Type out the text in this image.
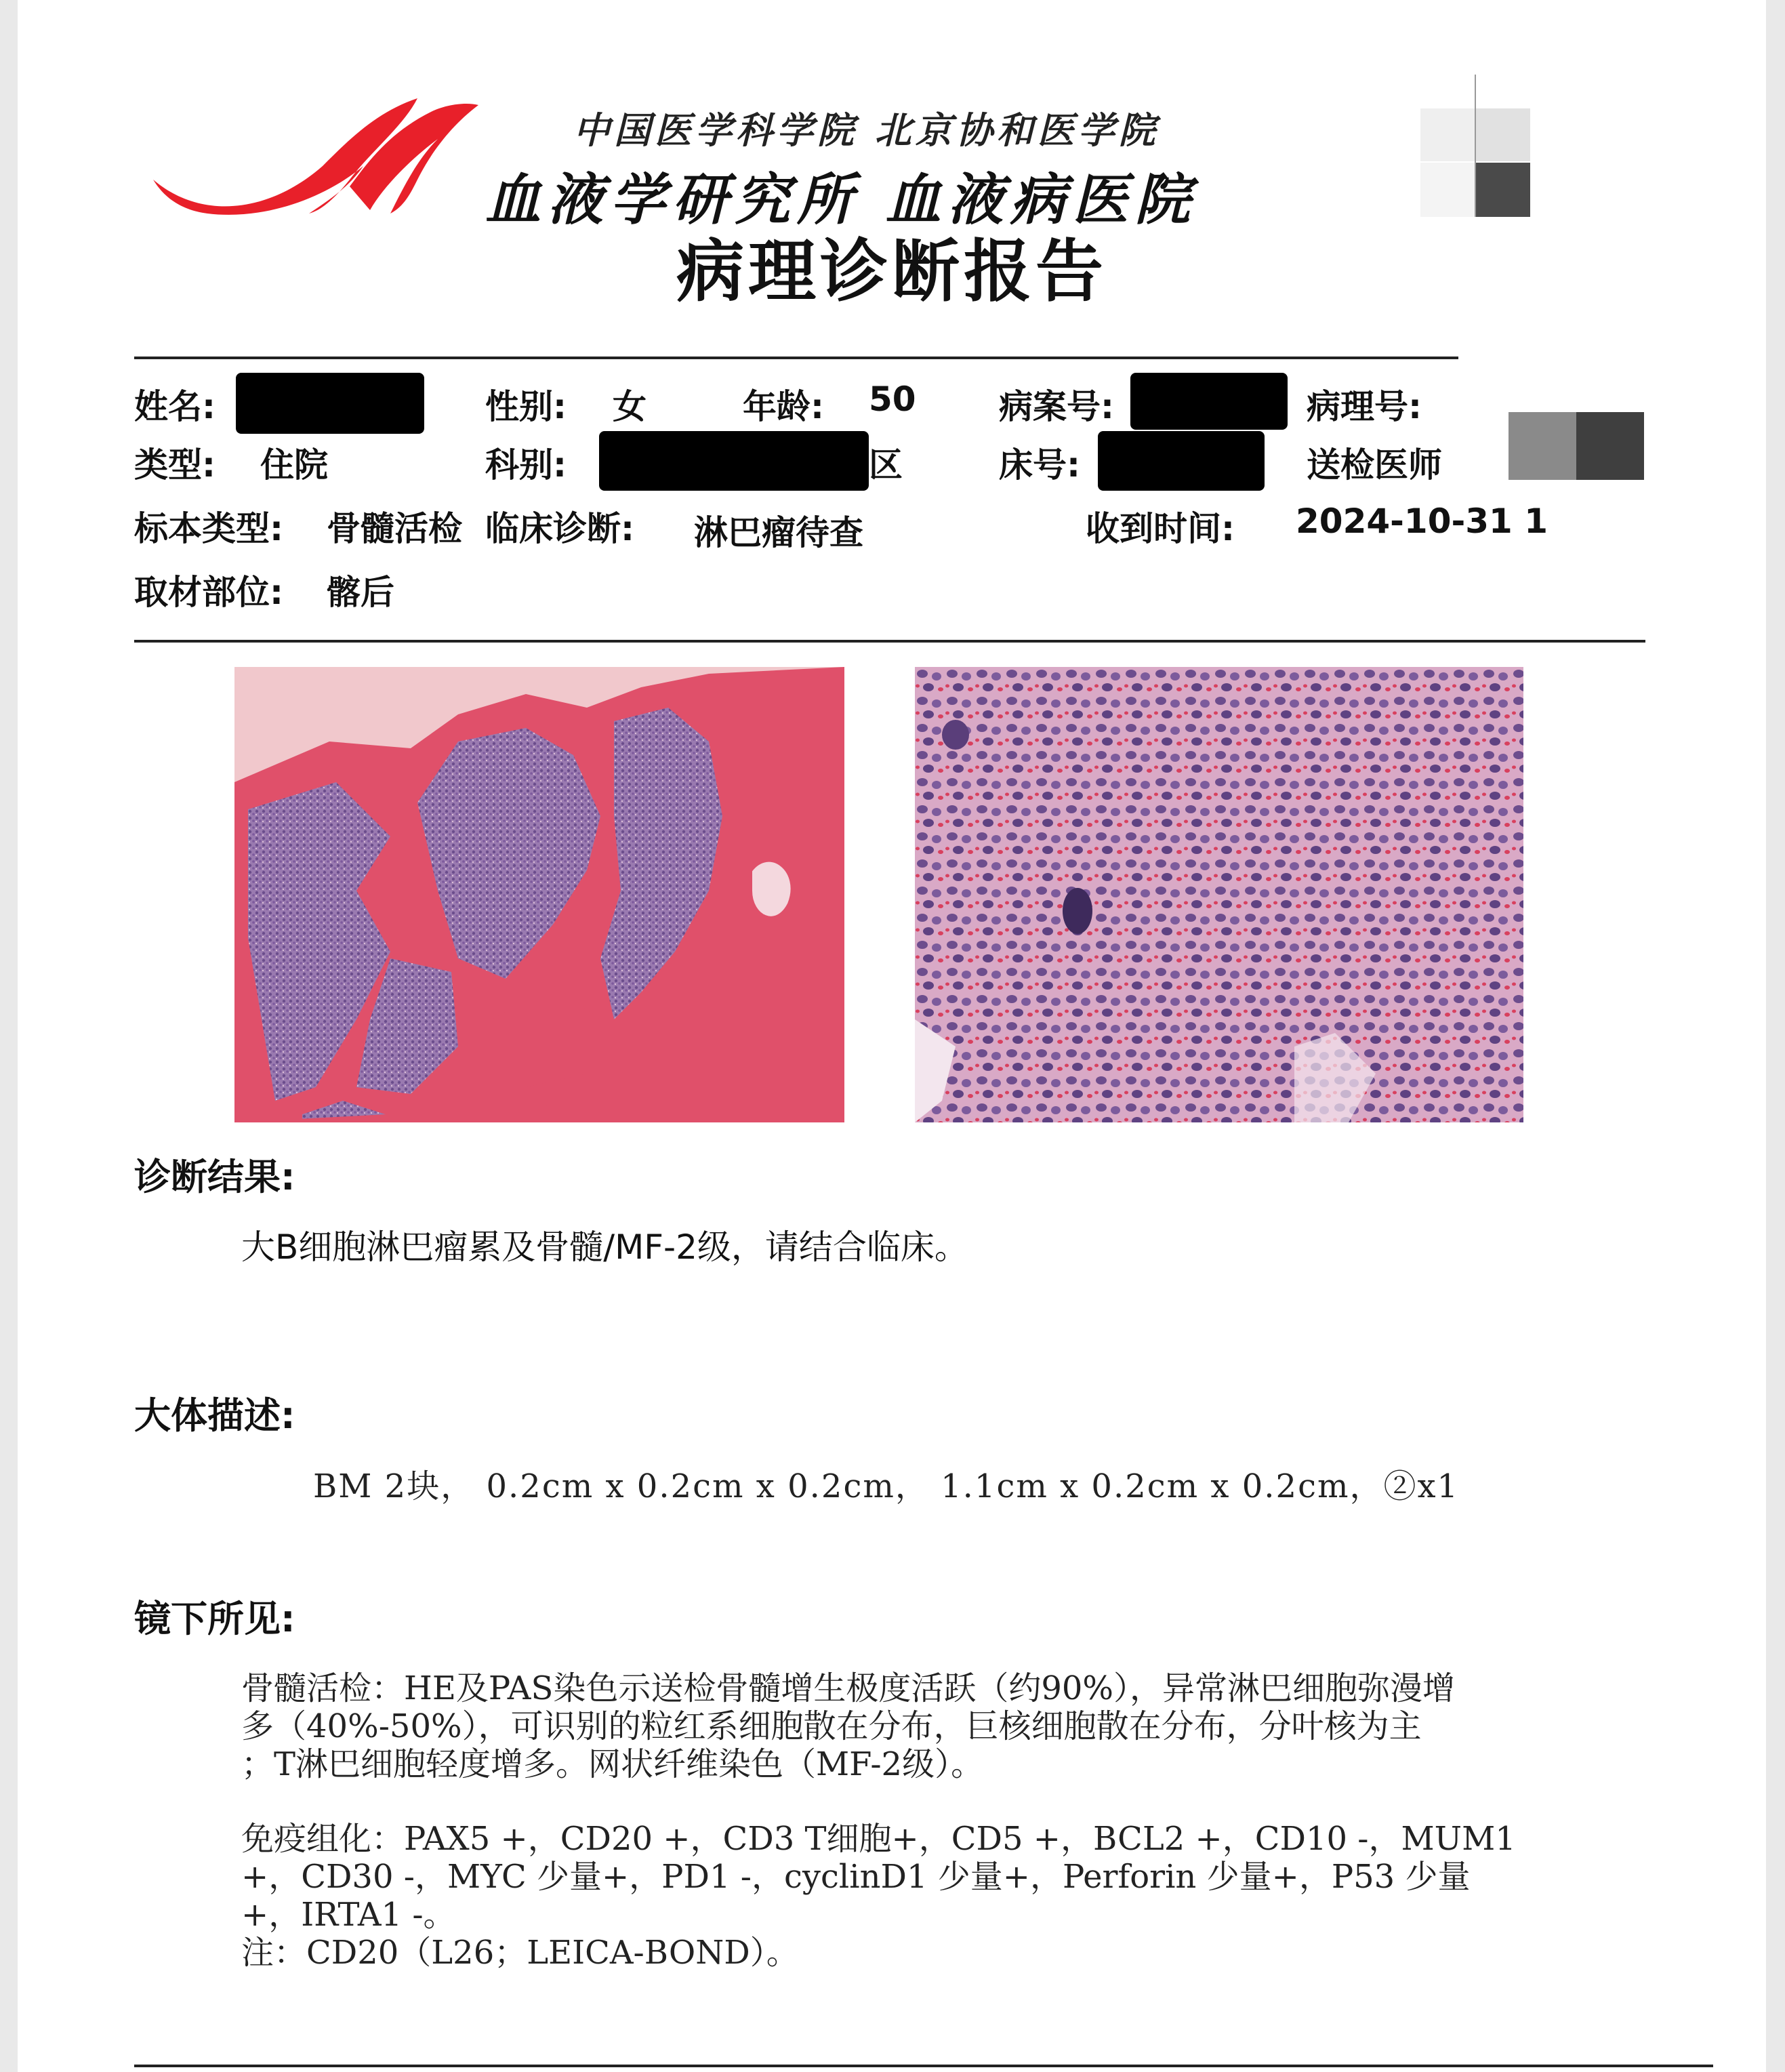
中国医学科学院 北京协和医学院
血液学研究所 血液病医院
病理诊断报告
姓名:	性别: 女	年龄: 50 病案号:	病理号:
类型: 住院	科别:	区	床号:	送检医师
标本类型: 骨髓活检 临床诊断: 淋巴瘤待查	收到时间: 2024-10-31 1
取材部位: 髂后
诊断结果:
大B细胞淋巴瘤累及骨髓/MF-2级，请结合临床。
大体描述:
BM 2块， 0.2cm x 0.2cm x 0.2cm， 1.1cm x 0.2cm x 0.2cm，②x1
镜下所见:
骨髓活检：HE及PAS染色示送检骨髓增生极度活跃（约90%），异常淋巴细胞弥漫增
多（40%-50%），可识别的粒红系细胞散在分布，巨核细胞散在分布，分叶核为主
；T淋巴细胞轻度增多。网状纤维染色（MF-2级）。
免疫组化：PAX5 +，CD20 +，CD3 T细胞+，CD5 +，BCL2 +，CD10 -，MUM1
+，CD30 -，MYC 少量+，PD1 -，cyclinD1 少量+，Perforin 少量+，P53 少量
+，IRTA1 -。
注：CD20（L26；LEICA-BOND）。
